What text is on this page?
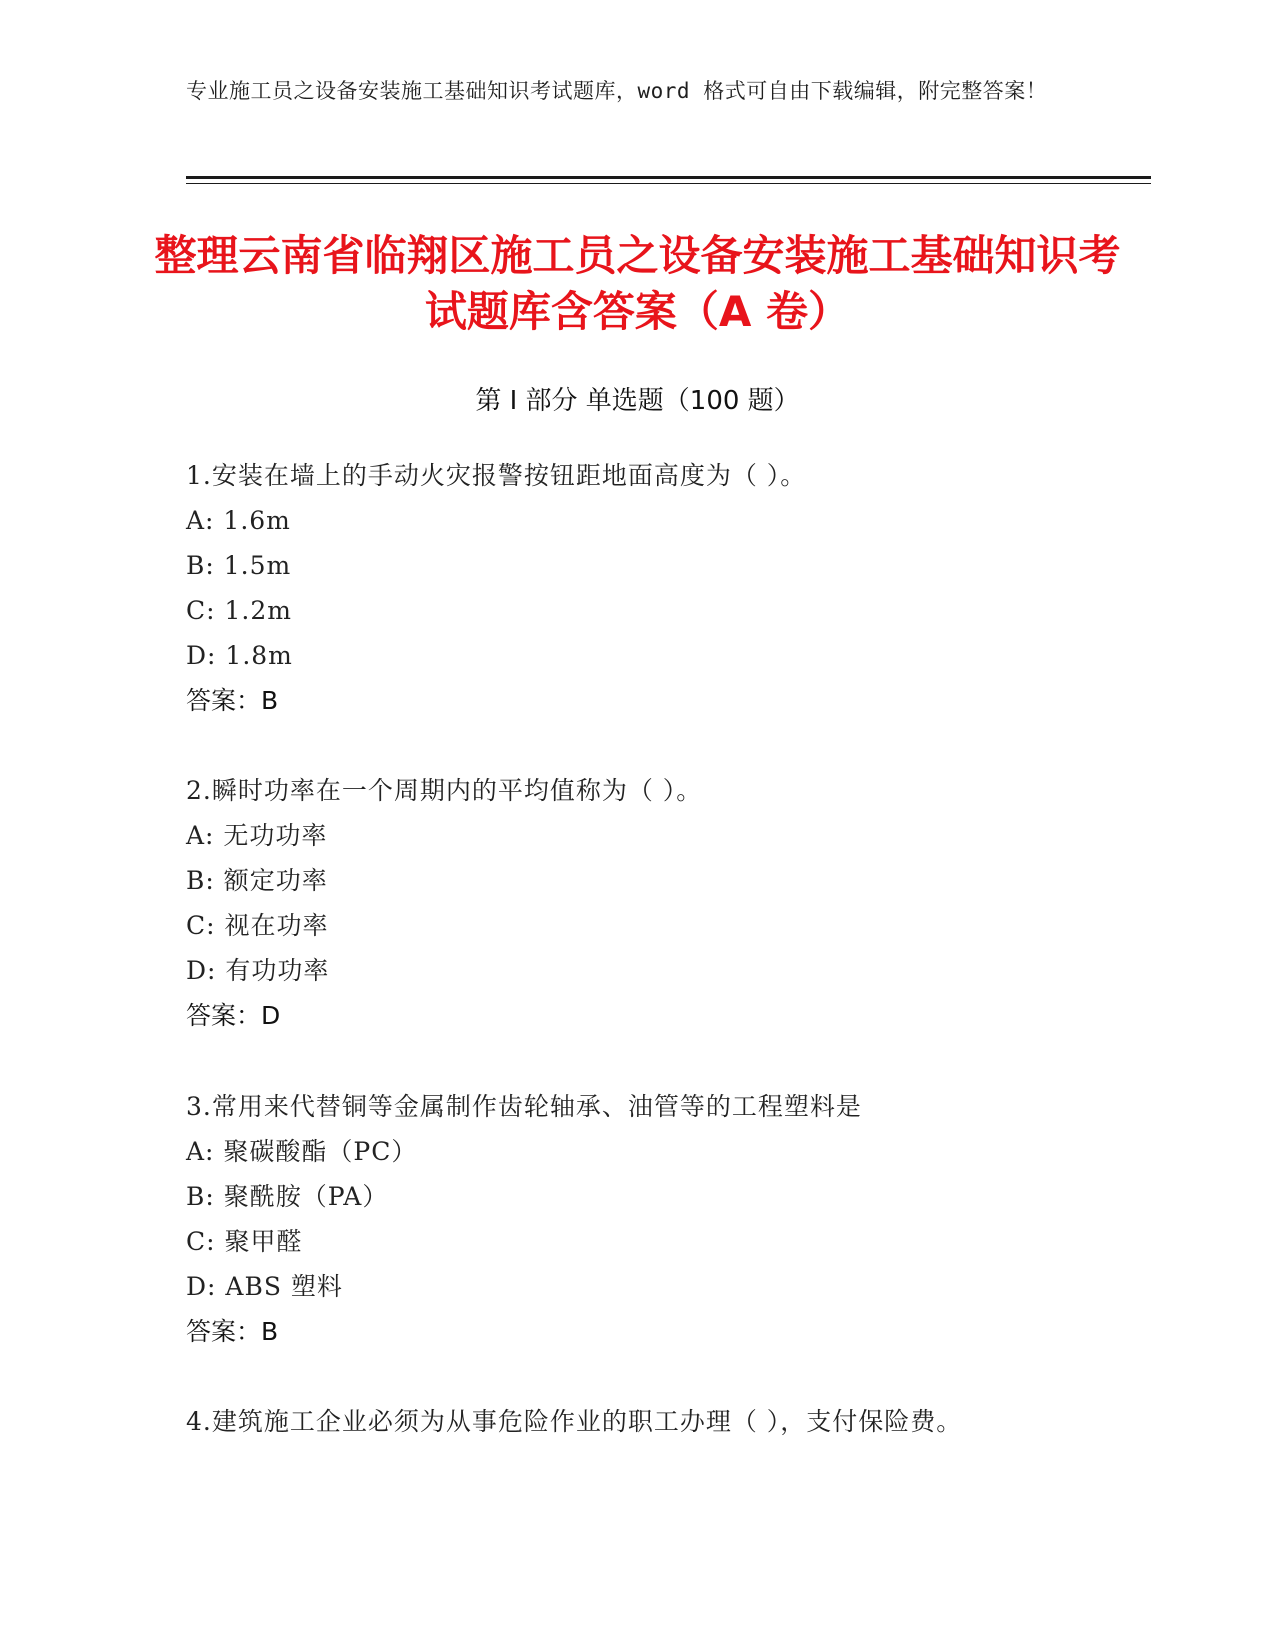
专业施工员之设备安装施工基础知识考试题库，word 格式可自由下载编辑，附完整答案！
整理云南省临翔区施工员之设备安装施工基础知识考试题库含答案（A 卷）
第 I 部分 单选题（100 题）
1.安装在墙上的手动火灾报警按钮距地面高度为（ ）。
A: 1.6m
B: 1.5m
C: 1.2m
D: 1.8m
答案：B
2.瞬时功率在一个周期内的平均值称为（ ）。
A: 无功功率
B: 额定功率
C: 视在功率
D: 有功功率
答案：D
3.常用来代替铜等金属制作齿轮轴承、油管等的工程塑料是
A: 聚碳酸酯（PC）
B: 聚酰胺（PA）
C: 聚甲醛
D: ABS 塑料
答案：B
4.建筑施工企业必须为从事危险作业的职工办理（ ），支付保险费。
